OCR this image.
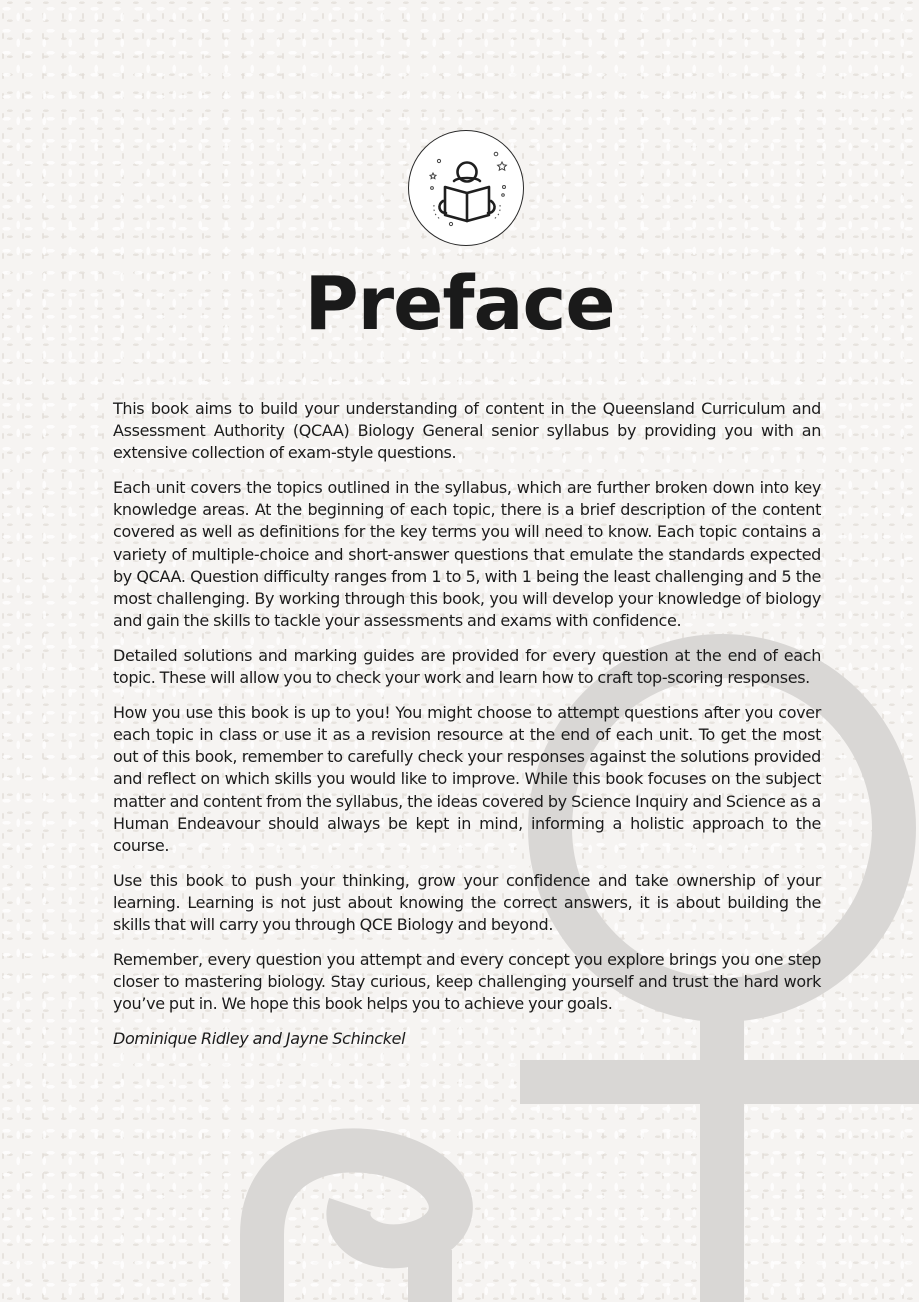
Preface

This book aims to build your understanding of content in the Queensland Curriculum and Assessment Authority (QCAA) Biology General senior syllabus by providing you with an extensive collection of exam-style questions.

Each unit covers the topics outlined in the syllabus, which are further broken down into key knowledge areas. At the beginning of each topic, there is a brief description of the content covered as well as definitions for the key terms you will need to know. Each topic contains a variety of multiple-choice and short-answer questions that emulate the standards expected by QCAA. Question difficulty ranges from 1 to 5, with 1 being the least challenging and 5 the most challenging. By working through this book, you will develop your knowledge of biology and gain the skills to tackle your assessments and exams with confidence.

Detailed solutions and marking guides are provided for every question at the end of each topic. These will allow you to check your work and learn how to craft top-scoring responses.

How you use this book is up to you! You might choose to attempt questions after you cover each topic in class or use it as a revision resource at the end of each unit. To get the most out of this book, remember to carefully check your responses against the solutions provided and reflect on which skills you would like to improve. While this book focuses on the subject matter and content from the syllabus, the ideas covered by Science Inquiry and Science as a Human Endeavour should always be kept in mind, informing a holistic approach to the course.

Use this book to push your thinking, grow your confidence and take ownership of your learning. Learning is not just about knowing the correct answers, it is about building the skills that will carry you through QCE Biology and beyond.

Remember, every question you attempt and every concept you explore brings you one step closer to mastering biology. Stay curious, keep challenging yourself and trust the hard work you’ve put in. We hope this book helps you to achieve your goals.

Dominique Ridley and Jayne Schinckel
